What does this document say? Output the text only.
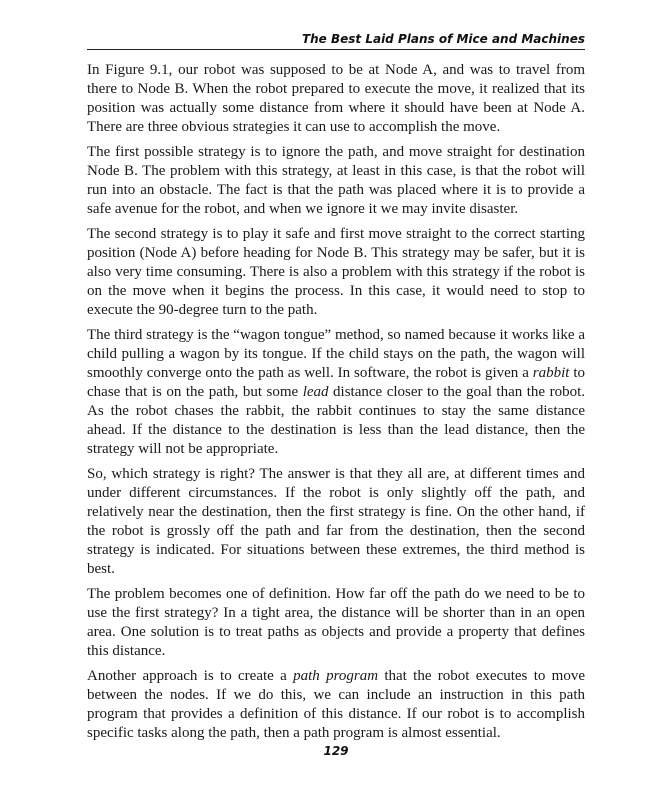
The Best Laid Plans of Mice and Machines

In Figure 9.1, our robot was supposed to be at Node A, and was to travel from there to Node B. When the robot prepared to execute the move, it realized that its position was actually some distance from where it should have been at Node A. There are three obvious strategies it can use to accomplish the move.

The first possible strategy is to ignore the path, and move straight for destination Node B. The problem with this strategy, at least in this case, is that the robot will run into an obstacle. The fact is that the path was placed where it is to provide a safe avenue for the robot, and when we ignore it we may invite disaster.

The second strategy is to play it safe and first move straight to the correct starting position (Node A) before heading for Node B. This strategy may be safer, but it is also very time consuming. There is also a problem with this strategy if the robot is on the move when it begins the process. In this case, it would need to stop to execute the 90-degree turn to the path.

The third strategy is the “wagon tongue” method, so named because it works like a child pulling a wagon by its tongue. If the child stays on the path, the wagon will smoothly converge onto the path as well. In software, the robot is given a rabbit to chase that is on the path, but some lead distance closer to the goal than the robot. As the robot chases the rabbit, the rabbit continues to stay the same distance ahead. If the distance to the destination is less than the lead distance, then the strategy will not be appropriate.

So, which strategy is right? The answer is that they all are, at different times and under different circumstances. If the robot is only slightly off the path, and relatively near the destination, then the first strategy is fine. On the other hand, if the robot is grossly off the path and far from the destination, then the second strategy is indicated. For situations between these extremes, the third method is best.

The problem becomes one of definition. How far off the path do we need to be to use the first strategy? In a tight area, the distance will be shorter than in an open area. One solution is to treat paths as objects and provide a property that defines this distance.

Another approach is to create a path program that the robot executes to move between the nodes. If we do this, we can include an instruction in this path program that provides a definition of this distance. If our robot is to accomplish specific tasks along the path, then a path program is almost essential.

129
